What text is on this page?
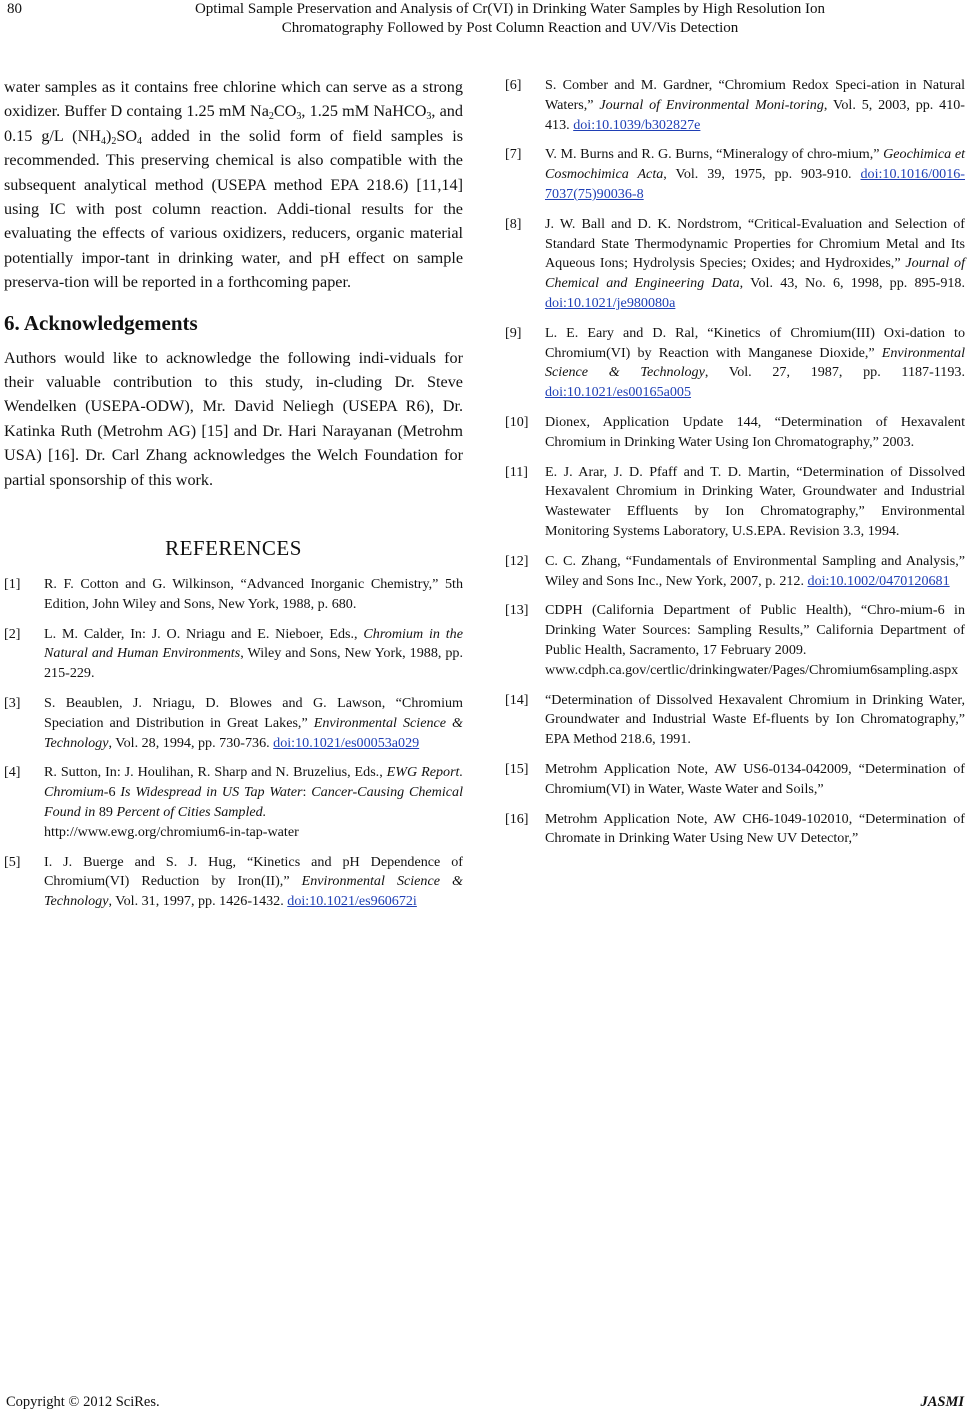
80	Optimal Sample Preservation and Analysis of Cr(VI) in Drinking Water Samples by High Resolution Ion
Chromatography Followed by Post Column Reaction and UV/Vis Detection

water samples as it contains free chlorine which can serve as a strong oxidizer. Buffer D containg 1.25 mM $Na_2CO_3$, 1.25 mM NaHCO$_3$, and 0.15 g/L $(NH_4)_2SO_4$ added in the solid form of field samples is recommended. This preserving chemical is also compatible with the subsequent analytical method (USEPA method EPA 218.6) [11,14] using IC with post column reaction. Addi-tional results for the evaluating the effects of various oxidizers, reducers, organic material potentially impor-tant in drinking water, and pH effect on sample preserva-tion will be reported in a forthcoming paper.

6. Acknowledgements

Authors would like to acknowledge the following indi-viduals for their valuable contribution to this study, in-cluding Dr. Steve Wendelken (USEPA-ODW), Mr. David Neliegh (USEPA R6), Dr. Katinka Ruth (Metrohm AG) [15] and Dr. Hari Narayanan (Metrohm USA) [16]. Dr. Carl Zhang acknowledges the Welch Foundation for partial sponsorship of this work.

REFERENCES
[1]	R. F. Cotton and G. Wilkinson, “Advanced Inorganic Chemistry,” 5th Edition, John Wiley and Sons, New York, 1988, p. 680.
[2]	L. M. Calder, In: J. O. Nriagu and E. Nieboer, Eds., Chromium in the Natural and Human Environments, Wiley and Sons, New York, 1988, pp. 215-229.
[3]	S. Beaublen, J. Nriagu, D. Blowes and G. Lawson, “Chromium Speciation and Distribution in Great Lakes,” Environmental Science & Technology, Vol. 28, 1994, pp. 730-736. doi:10.1021/es00053a029
[4]	R. Sutton, In: J. Houlihan, R. Sharp and N. Bruzelius, Eds., EWG Report. Chromium-6 Is Widespread in US Tap Water: Cancer-Causing Chemical Found in 89 Percent of Cities Sampled.
http://www.ewg.org/chromium6-in-tap-water
[5]	I. J. Buerge and S. J. Hug, “Kinetics and pH Dependence of Chromium(VI) Reduction by Iron(II),” Environmental Science & Technology, Vol. 31, 1997, pp. 1426-1432. doi:10.1021/es960672i
[6]	S. Comber and M. Gardner, “Chromium Redox Speci-ation in Natural Waters,” Journal of Environmental Moni-toring, Vol. 5, 2003, pp. 410-413. doi:10.1039/b302827e
[7]	V. M. Burns and R. G. Burns, “Mineralogy of chro-mium,” Geochimica et Cosmochimica Acta, Vol. 39, 1975, pp. 903-910. doi:10.1016/0016-7037(75)90036-8
[8]	J. W. Ball and D. K. Nordstrom, “Critical-Evaluation and Selection of Standard State Thermodynamic Properties for Chromium Metal and Its Aqueous Ions; Hydrolysis Species; Oxides; and Hydroxides,” Journal of Chemical and Engineering Data, Vol. 43, No. 6, 1998, pp. 895-918. doi:10.1021/je980080a
[9]	L. E. Eary and D. Ral, “Kinetics of Chromium(III) Oxi-dation to Chromium(VI) by Reaction with Manganese Dioxide,” Environmental Science & Technology, Vol. 27, 1987, pp. 1187-1193. doi:10.1021/es00165a005
[10]	Dionex, Application Update 144, “Determination of Hexavalent Chromium in Drinking Water Using Ion Chromatography,” 2003.
[11]	E. J. Arar, J. D. Pfaff and T. D. Martin, “Determination of Dissolved Hexavalent Chromium in Drinking Water, Groundwater and Industrial Wastewater Effluents by Ion Chromatography,” Environmental Monitoring Systems Laboratory, U.S.EPA. Revision 3.3, 1994.
[12]	C. C. Zhang, “Fundamentals of Environmental Sampling and Analysis,” Wiley and Sons Inc., New York, 2007, p. 212. doi:10.1002/0470120681
[13]	CDPH (California Department of Public Health), “Chro-mium-6 in Drinking Water Sources: Sampling Results,” California Department of Public Health, Sacramento, 17 February 2009.
www.cdph.ca.gov/certlic/drinkingwater/Pages/Chromium6sampling.aspx
[14]	“Determination of Dissolved Hexavalent Chromium in Drinking Water, Groundwater and Industrial Waste Ef-fluents by Ion Chromatography,” EPA Method 218.6, 1991.
[15]	Metrohm Application Note, AW US6-0134-042009, “Determination of Chromium(VI) in Water, Waste Water and Soils,”
[16]	Metrohm Application Note, AW CH6-1049-102010, “Determination of Chromate in Drinking Water Using New UV Detector,”
Copyright © 2012 SciRes.	JASMI
